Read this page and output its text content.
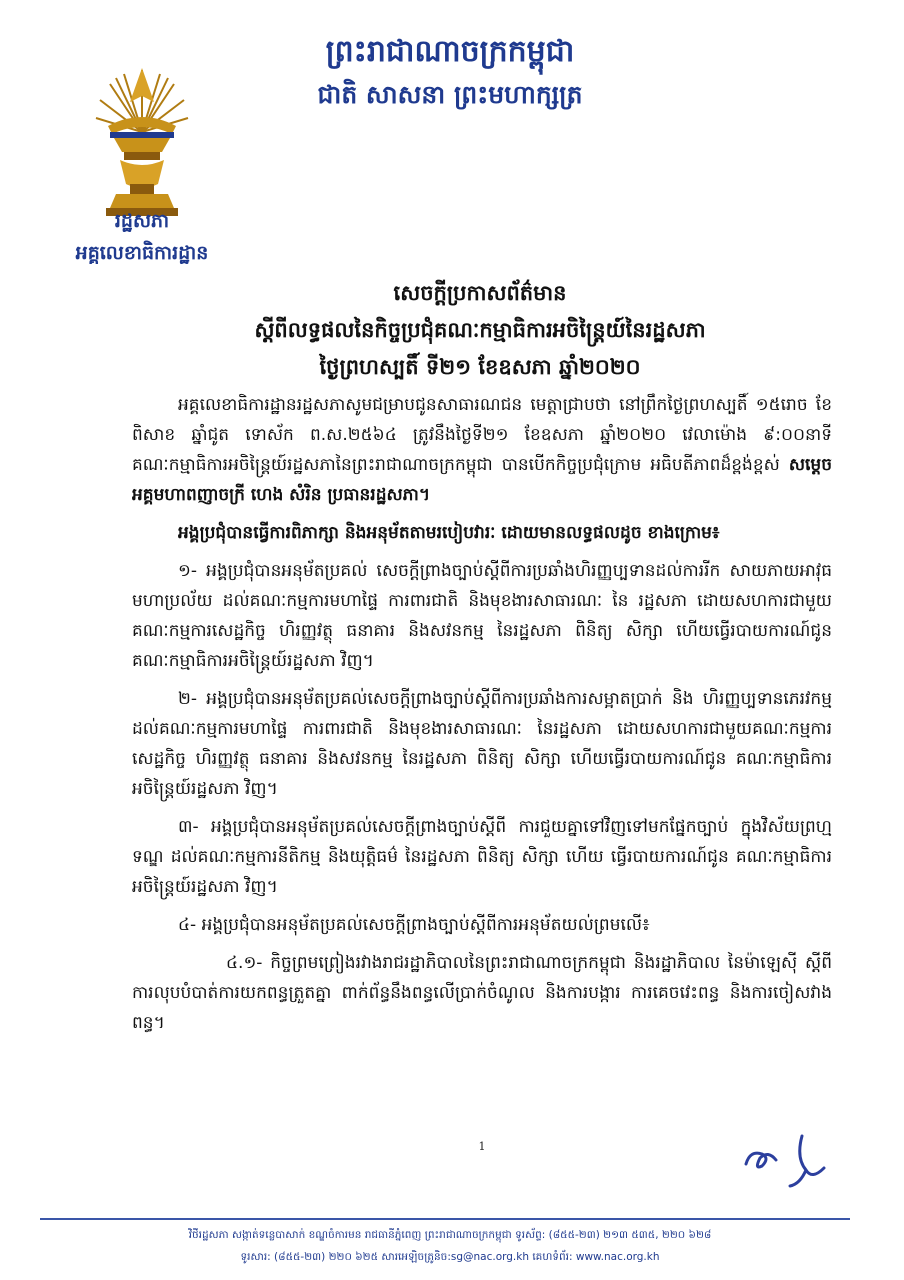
ព្រះរាជាណាចក្រកម្ពុជា
ជាតិ សាសនា ព្រះមហាក្សត្រ
រដ្ឋសភា
អគ្គលេខាធិការដ្ឋាន
សេចក្ដីប្រកាសព័ត៌មាន
ស្ដីពីលទ្ធផលនៃកិច្ចប្រជុំគណៈកម្មាធិការអចិន្ត្រៃយ៍នៃរដ្ឋសភា
ថ្ងៃព្រហស្បតិ៍ ទី២១ ខែឧសភា ឆ្នាំ២០២០

អគ្គលេខាធិការដ្ឋានរដ្ឋសភាសូមជម្រាបជូនសាធារណជន មេត្តាជ្រាបថា នៅព្រឹកថ្ងៃព្រហស្បតិ៍ ១៥រោច ខែពិសាខ ឆ្នាំជូត ទោស័ក ព.ស.២៥៦៤ ត្រូវនឹងថ្ងៃទី២១ ខែឧសភា ឆ្នាំ២០២០ វេលាម៉ោង ៩:០០នាទី គណៈកម្មាធិការអចិន្ត្រៃយ៍រដ្ឋសភានៃព្រះរាជាណាចក្រកម្ពុជា បានបើកកិច្ចប្រជុំក្រោម អធិបតីភាពដ៏ខ្ពង់ខ្ពស់ សម្ដេចអគ្គមហាពញាចក្រី ហេង សំរិន ប្រធានរដ្ឋសភា។

អង្គប្រជុំបានធ្វើការពិភាក្សា និងអនុម័តតាមរបៀបវារៈ ដោយមានលទ្ធផលដូច ខាងក្រោម៖

១- អង្គប្រជុំបានអនុម័តប្រគល់ សេចក្ដីព្រាងច្បាប់ស្ដីពីការប្រឆាំងហិរញ្ញប្បទានដល់ការរីក សាយភាយអាវុធមហាប្រល័យ ដល់គណៈកម្មការមហាផ្ទៃ ការពារជាតិ និងមុខងារសាធារណៈ នៃ រដ្ឋសភា ដោយសហការជាមួយគណៈកម្មការសេដ្ឋកិច្ច ហិរញ្ញវត្ថុ ធនាគារ និងសវនកម្ម នៃរដ្ឋសភា ពិនិត្យ សិក្សា ហើយធ្វើរបាយការណ៍ជូន គណៈកម្មាធិការអចិន្ត្រៃយ៍រដ្ឋសភា វិញ។

២- អង្គប្រជុំបានអនុម័តប្រគល់សេចក្ដីព្រាងច្បាប់ស្ដីពីការប្រឆាំងការសម្អាតប្រាក់ និង ហិរញ្ញប្បទានភេរវកម្ម ដល់គណៈកម្មការមហាផ្ទៃ ការពារជាតិ និងមុខងារសាធារណៈ នៃរដ្ឋសភា ដោយសហការជាមួយគណៈកម្មការសេដ្ឋកិច្ច ហិរញ្ញវត្ថុ ធនាគារ និងសវនកម្ម នៃរដ្ឋសភា ពិនិត្យ សិក្សា ហើយធ្វើរបាយការណ៍ជូន គណៈកម្មាធិការអចិន្ត្រៃយ៍រដ្ឋសភា វិញ។

៣- អង្គប្រជុំបានអនុម័តប្រគល់សេចក្ដីព្រាងច្បាប់ស្ដីពី ការជួយគ្នាទៅវិញទៅមកផ្នែកច្បាប់ ក្នុងវិស័យព្រហ្មទណ្ឌ ដល់គណៈកម្មការនីតិកម្ម និងយុត្តិធម៌ នៃរដ្ឋសភា ពិនិត្យ សិក្សា ហើយ ធ្វើរបាយការណ៍ជូន គណៈកម្មាធិការអចិន្ត្រៃយ៍រដ្ឋសភា វិញ។

៤- អង្គប្រជុំបានអនុម័តប្រគល់សេចក្ដីព្រាងច្បាប់ស្ដីពីការអនុម័តយល់ព្រមលើ៖

៤.១- កិច្ចព្រមព្រៀងរវាងរាជរដ្ឋាភិបាលនៃព្រះរាជាណាចក្រកម្ពុជា និងរដ្ឋាភិបាល នៃម៉ាឡេស៊ី ស្ដីពីការលុបបំបាត់ការយកពន្ធត្រួតគ្នា ពាក់ព័ន្ធនឹងពន្ធលើប្រាក់ចំណូល និងការបង្ការ ការគេចវេះពន្ធ និងការចៀសវាងពន្ធ។

1
វិថីរដ្ឋសភា សង្កាត់ទន្លេបាសាក់ ខណ្ឌចំការមន រាជធានីភ្នំពេញ ព្រះរាជាណាចក្រកម្ពុជា ទូរស័ព្ទ: (៨៥៥-២៣) ២១៣ ៥៣៥, ២២០ ៦២៨
ទូរសារ: (៨៥៥-២៣) ២២០ ៦២៥ សារអេឡិចត្រូនិច:sg@nac.org.kh គេហទំព័រ: www.nac.org.kh
